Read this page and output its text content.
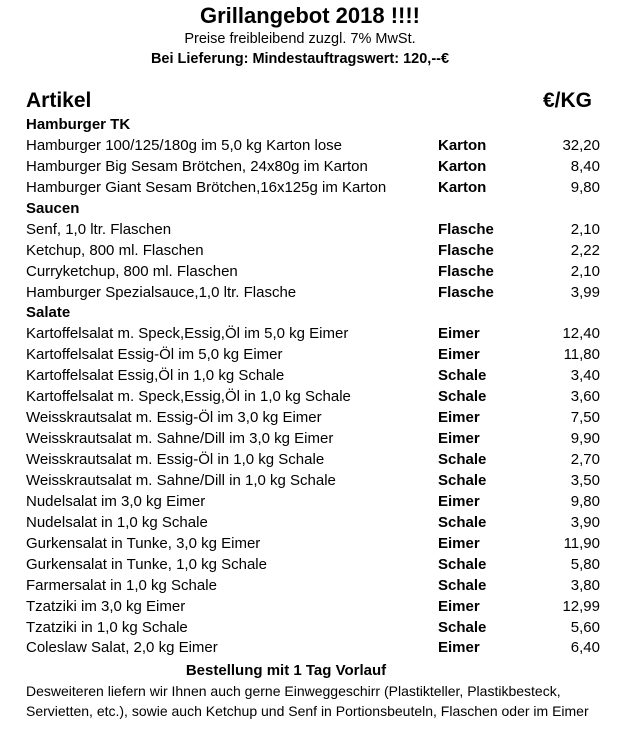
Grillangebot 2018 !!!!
Preise freibleibend zuzgl. 7% MwSt.
Bei Lieferung: Mindestauftragswert: 120,--€
Artikel	€/KG
Hamburger TK
Hamburger 100/125/180g im 5,0 kg Karton lose	Karton	32,20
Hamburger Big Sesam Brötchen, 24x80g im Karton	Karton	8,40
Hamburger Giant Sesam Brötchen,16x125g im Karton	Karton	9,80
Saucen
Senf, 1,0 ltr. Flaschen	Flasche	2,10
Ketchup, 800 ml. Flaschen	Flasche	2,22
Curryketchup, 800 ml. Flaschen	Flasche	2,10
Hamburger Spezialsauce,1,0 ltr. Flasche	Flasche	3,99
Salate
Kartoffelsalat m. Speck,Essig,Öl im 5,0 kg Eimer	Eimer	12,40
Kartoffelsalat Essig-Öl im 5,0 kg Eimer	Eimer	11,80
Kartoffelsalat Essig,Öl in 1,0 kg Schale	Schale	3,40
Kartoffelsalat m. Speck,Essig,Öl in 1,0 kg Schale	Schale	3,60
Weisskrautsalat m. Essig-Öl im 3,0 kg Eimer	Eimer	7,50
Weisskrautsalat m. Sahne/Dill im 3,0 kg Eimer	Eimer	9,90
Weisskrautsalat m. Essig-Öl in 1,0 kg Schale	Schale	2,70
Weisskrautsalat m. Sahne/Dill in 1,0 kg Schale	Schale	3,50
Nudelsalat im 3,0 kg Eimer	Eimer	9,80
Nudelsalat in 1,0 kg Schale	Schale	3,90
Gurkensalat in Tunke, 3,0 kg Eimer	Eimer	11,90
Gurkensalat in Tunke, 1,0 kg Schale	Schale	5,80
Farmersalat in 1,0 kg Schale	Schale	3,80
Tzatziki im 3,0 kg Eimer	Eimer	12,99
Tzatziki in 1,0 kg Schale	Schale	5,60
Coleslaw Salat, 2,0 kg Eimer	Eimer	6,40
Bestellung mit 1 Tag Vorlauf
Desweiteren liefern wir Ihnen auch gerne Einweggeschirr (Plastikteller, Plastikbesteck, Servietten, etc.), sowie auch Ketchup und Senf in Portionsbeuteln, Flaschen oder im Eimer
